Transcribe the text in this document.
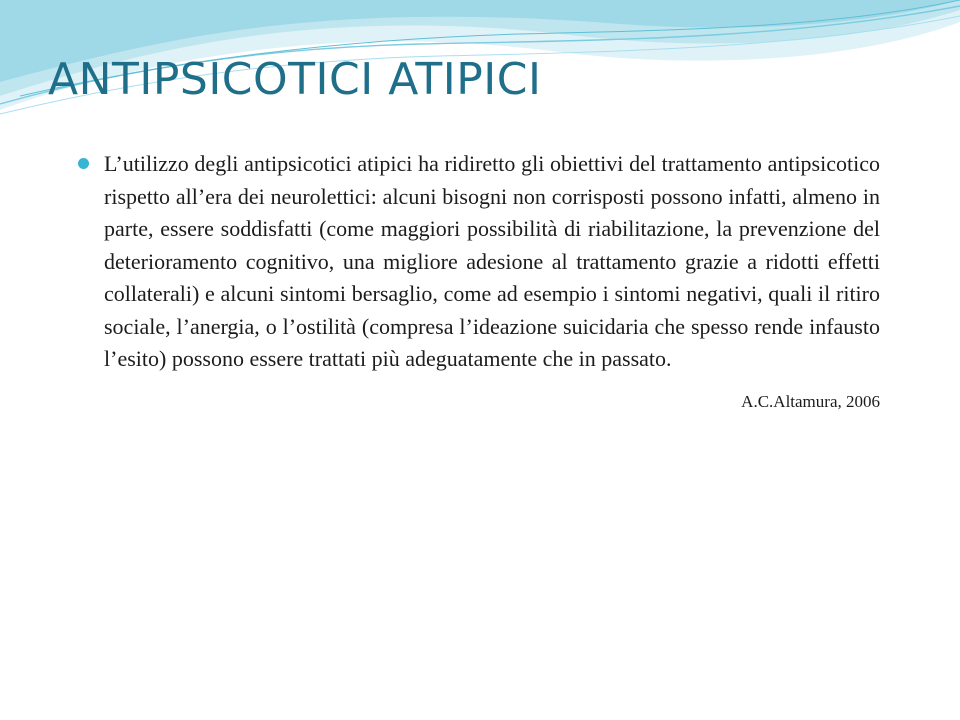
ANTIPSICOTICI ATIPICI

L’utilizzo degli antipsicotici atipici ha ridiretto gli obiettivi del trattamento antipsicotico rispetto all’era dei neurolettici: alcuni bisogni non corrisposti possono infatti, almeno in parte, essere soddisfatti (come maggiori possibilità di riabilitazione, la prevenzione del deterioramento cognitivo, una migliore adesione al trattamento grazie a ridotti effetti collaterali) e alcuni sintomi bersaglio, come ad esempio i sintomi negativi, quali il ritiro sociale, l’anergia, o l’ostilità (compresa l’ideazione suicidaria che spesso rende infausto l’esito) possono essere trattati più adeguatamente che in passato.

A.C.Altamura, 2006
